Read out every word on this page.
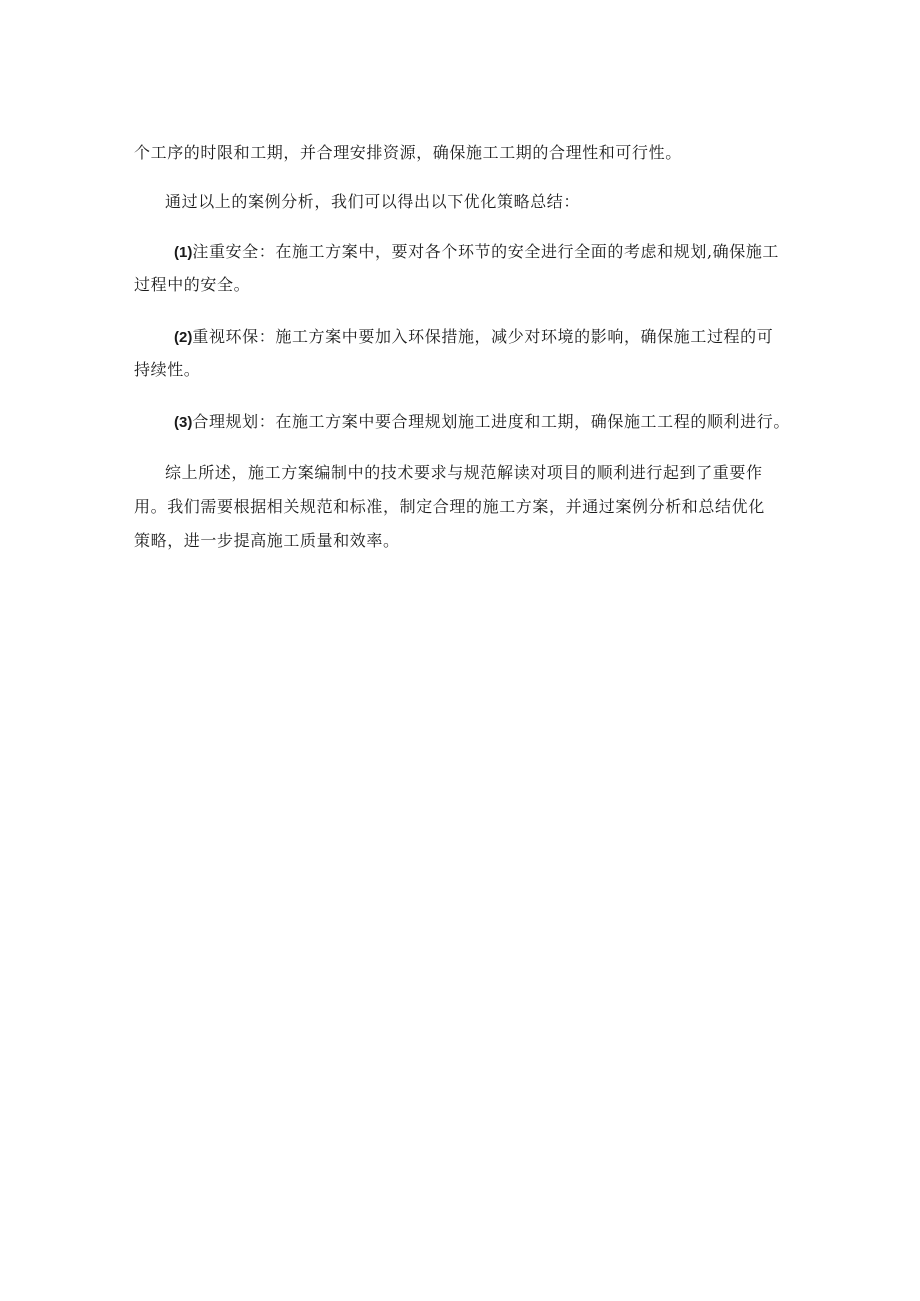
个工序的时限和工期，并合理安排资源，确保施工工期的合理性和可行性。
通过以上的案例分析，我们可以得出以下优化策略总结：
(1)注重安全：在施工方案中，要对各个环节的安全进行全面的考虑和规划,确保施工
过程中的安全。
(2)重视环保：施工方案中要加入环保措施，减少对环境的影响，确保施工过程的可
持续性。
(3)合理规划：在施工方案中要合理规划施工进度和工期，确保施工工程的顺利进行。
综上所述，施工方案编制中的技术要求与规范解读对项目的顺利进行起到了重要作
用。我们需要根据相关规范和标准，制定合理的施工方案，并通过案例分析和总结优化
策略，进一步提高施工质量和效率。
